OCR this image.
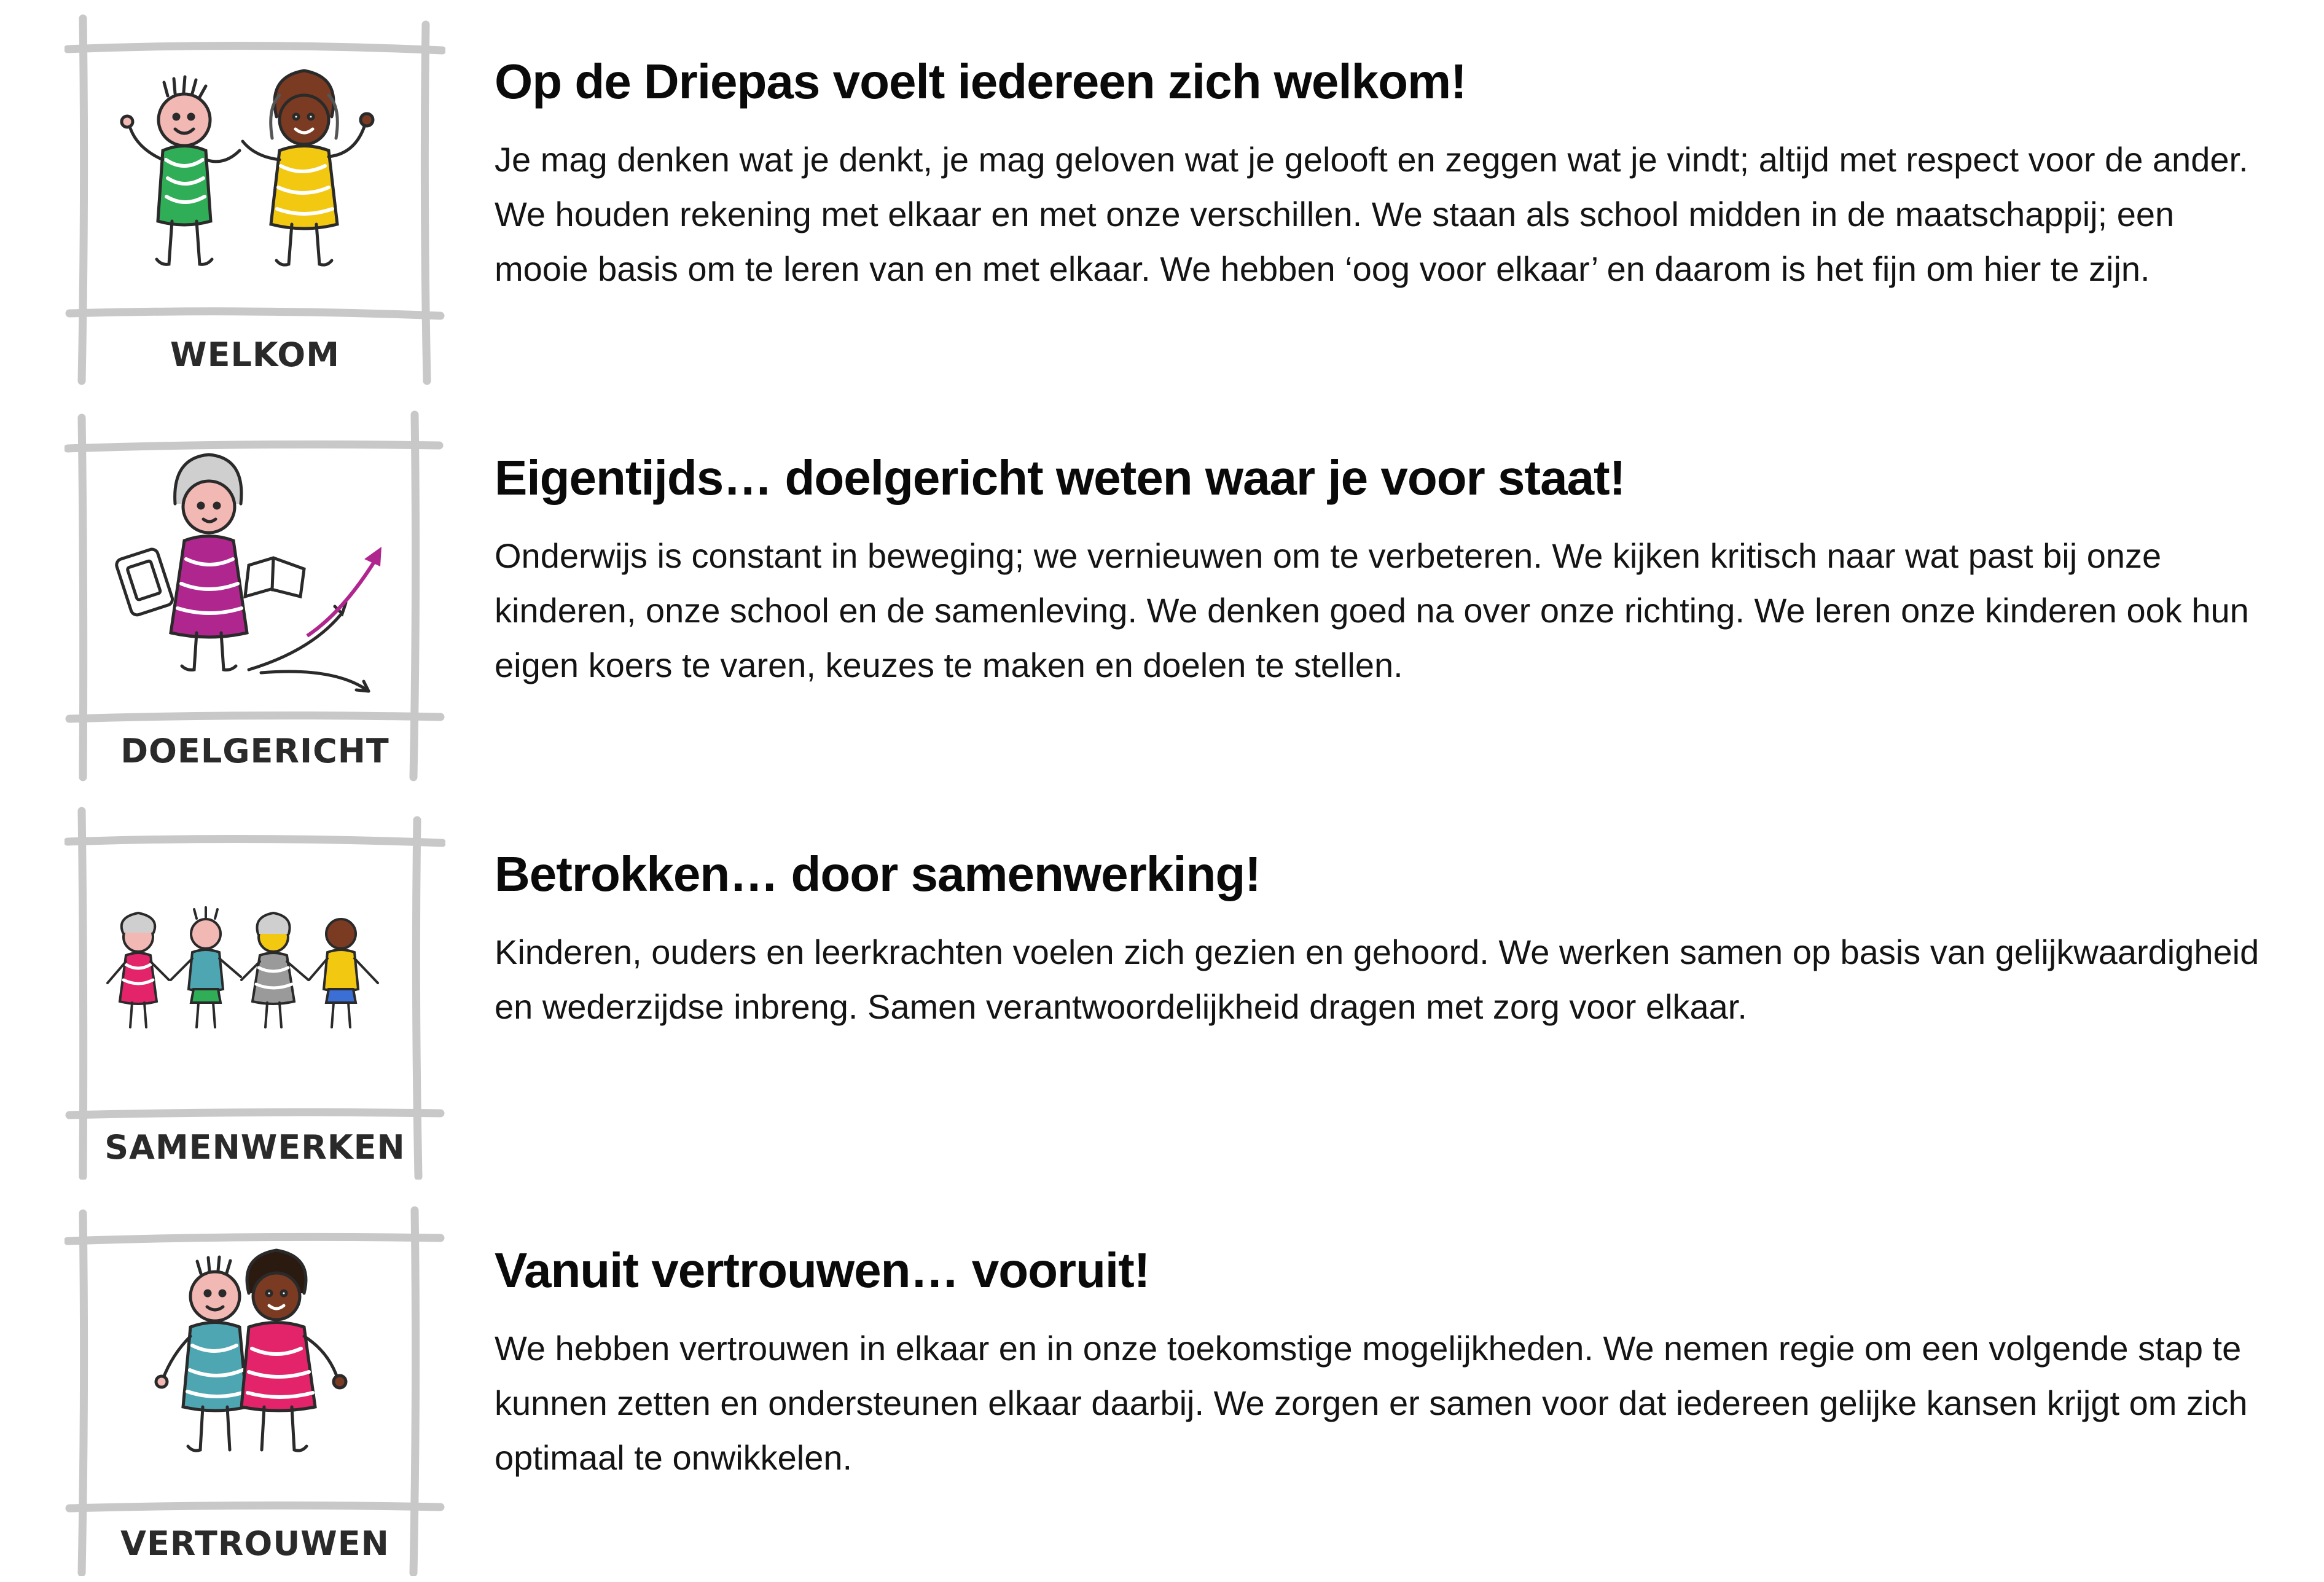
WELKOM
Op de Driepas voelt iedereen zich welkom!

Je mag denken wat je denkt, je mag geloven wat je gelooft en zeggen wat je vindt; altijd met respect voor de ander. We houden rekening met elkaar en met onze verschillen. We staan als school midden in de maatschappij; een mooie basis om te leren van en met elkaar. We hebben ‘oog voor elkaar’ en daarom is het fijn om hier te zijn.

DOELGERICHT
Eigentijds… doelgericht weten waar je voor staat!

Onderwijs is constant in beweging; we vernieuwen om te verbeteren. We kijken kritisch naar wat past bij onze kinderen, onze school en de samenleving. We denken goed na over onze richting. We leren onze kinderen ook hun eigen koers te varen, keuzes te maken en doelen te stellen.

SAMENWERKEN
Betrokken… door samenwerking!

Kinderen, ouders en leerkrachten voelen zich gezien en gehoord. We werken samen op basis van gelijkwaardigheid en wederzijdse inbreng. Samen verantwoordelijkheid dragen met zorg voor elkaar.

VERTROUWEN
Vanuit vertrouwen… vooruit!

We hebben vertrouwen in elkaar en in onze toekomstige mogelijkheden. We nemen regie om een volgende stap te kunnen zetten en ondersteunen elkaar daarbij. We zorgen er samen voor dat iedereen gelijke kansen krijgt om zich optimaal te onwikkelen.
